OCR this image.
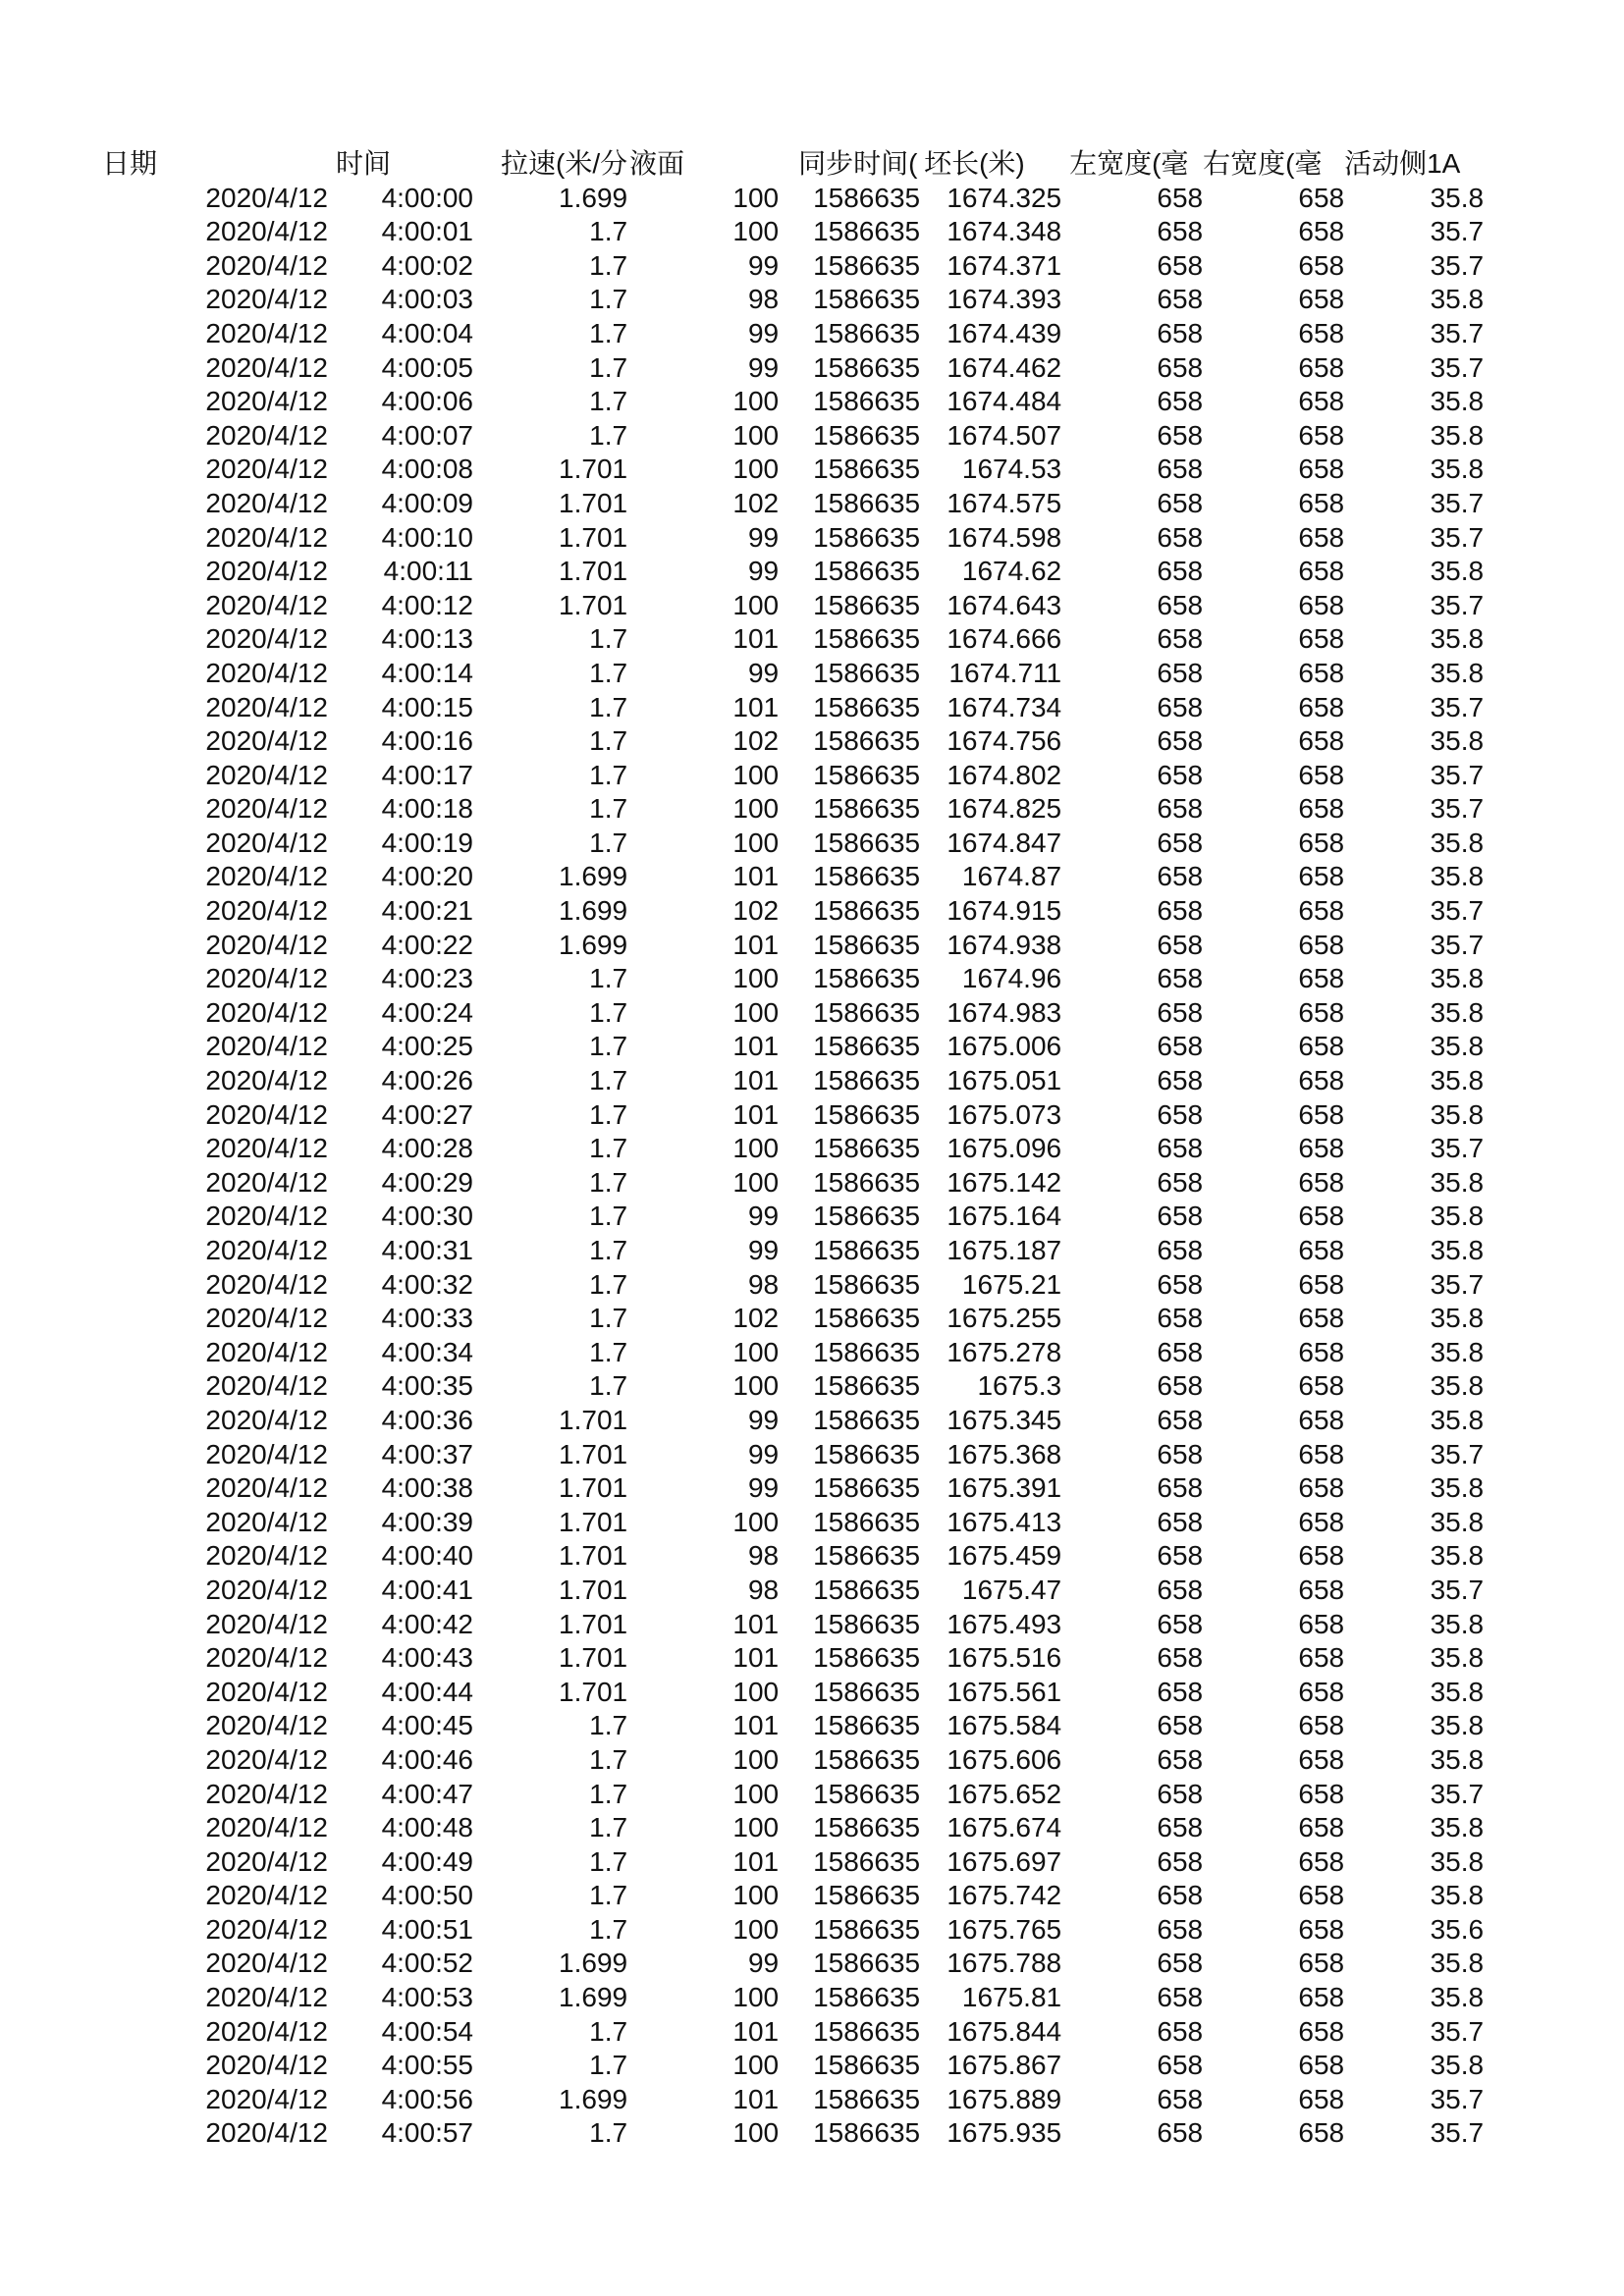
日期	时间	拉速(米/分	液面	同步时间(	坯长(米)	左宽度(毫	右宽度(毫	活动侧1A
2020/4/12	4:00:00	1.699	100	1586635	1674.325	658	658	35.8
2020/4/12	4:00:01	1.7	100	1586635	1674.348	658	658	35.7
2020/4/12	4:00:02	1.7	99	1586635	1674.371	658	658	35.7
2020/4/12	4:00:03	1.7	98	1586635	1674.393	658	658	35.8
2020/4/12	4:00:04	1.7	99	1586635	1674.439	658	658	35.7
2020/4/12	4:00:05	1.7	99	1586635	1674.462	658	658	35.7
2020/4/12	4:00:06	1.7	100	1586635	1674.484	658	658	35.8
2020/4/12	4:00:07	1.7	100	1586635	1674.507	658	658	35.8
2020/4/12	4:00:08	1.701	100	1586635	1674.53	658	658	35.8
2020/4/12	4:00:09	1.701	102	1586635	1674.575	658	658	35.7
2020/4/12	4:00:10	1.701	99	1586635	1674.598	658	658	35.7
2020/4/12	4:00:11	1.701	99	1586635	1674.62	658	658	35.8
2020/4/12	4:00:12	1.701	100	1586635	1674.643	658	658	35.7
2020/4/12	4:00:13	1.7	101	1586635	1674.666	658	658	35.8
2020/4/12	4:00:14	1.7	99	1586635	1674.711	658	658	35.8
2020/4/12	4:00:15	1.7	101	1586635	1674.734	658	658	35.7
2020/4/12	4:00:16	1.7	102	1586635	1674.756	658	658	35.8
2020/4/12	4:00:17	1.7	100	1586635	1674.802	658	658	35.7
2020/4/12	4:00:18	1.7	100	1586635	1674.825	658	658	35.7
2020/4/12	4:00:19	1.7	100	1586635	1674.847	658	658	35.8
2020/4/12	4:00:20	1.699	101	1586635	1674.87	658	658	35.8
2020/4/12	4:00:21	1.699	102	1586635	1674.915	658	658	35.7
2020/4/12	4:00:22	1.699	101	1586635	1674.938	658	658	35.7
2020/4/12	4:00:23	1.7	100	1586635	1674.96	658	658	35.8
2020/4/12	4:00:24	1.7	100	1586635	1674.983	658	658	35.8
2020/4/12	4:00:25	1.7	101	1586635	1675.006	658	658	35.8
2020/4/12	4:00:26	1.7	101	1586635	1675.051	658	658	35.8
2020/4/12	4:00:27	1.7	101	1586635	1675.073	658	658	35.8
2020/4/12	4:00:28	1.7	100	1586635	1675.096	658	658	35.7
2020/4/12	4:00:29	1.7	100	1586635	1675.142	658	658	35.8
2020/4/12	4:00:30	1.7	99	1586635	1675.164	658	658	35.8
2020/4/12	4:00:31	1.7	99	1586635	1675.187	658	658	35.8
2020/4/12	4:00:32	1.7	98	1586635	1675.21	658	658	35.7
2020/4/12	4:00:33	1.7	102	1586635	1675.255	658	658	35.8
2020/4/12	4:00:34	1.7	100	1586635	1675.278	658	658	35.8
2020/4/12	4:00:35	1.7	100	1586635	1675.3	658	658	35.8
2020/4/12	4:00:36	1.701	99	1586635	1675.345	658	658	35.8
2020/4/12	4:00:37	1.701	99	1586635	1675.368	658	658	35.7
2020/4/12	4:00:38	1.701	99	1586635	1675.391	658	658	35.8
2020/4/12	4:00:39	1.701	100	1586635	1675.413	658	658	35.8
2020/4/12	4:00:40	1.701	98	1586635	1675.459	658	658	35.8
2020/4/12	4:00:41	1.701	98	1586635	1675.47	658	658	35.7
2020/4/12	4:00:42	1.701	101	1586635	1675.493	658	658	35.8
2020/4/12	4:00:43	1.701	101	1586635	1675.516	658	658	35.8
2020/4/12	4:00:44	1.701	100	1586635	1675.561	658	658	35.8
2020/4/12	4:00:45	1.7	101	1586635	1675.584	658	658	35.8
2020/4/12	4:00:46	1.7	100	1586635	1675.606	658	658	35.8
2020/4/12	4:00:47	1.7	100	1586635	1675.652	658	658	35.7
2020/4/12	4:00:48	1.7	100	1586635	1675.674	658	658	35.8
2020/4/12	4:00:49	1.7	101	1586635	1675.697	658	658	35.8
2020/4/12	4:00:50	1.7	100	1586635	1675.742	658	658	35.8
2020/4/12	4:00:51	1.7	100	1586635	1675.765	658	658	35.6
2020/4/12	4:00:52	1.699	99	1586635	1675.788	658	658	35.8
2020/4/12	4:00:53	1.699	100	1586635	1675.81	658	658	35.8
2020/4/12	4:00:54	1.7	101	1586635	1675.844	658	658	35.7
2020/4/12	4:00:55	1.7	100	1586635	1675.867	658	658	35.8
2020/4/12	4:00:56	1.699	101	1586635	1675.889	658	658	35.7
2020/4/12	4:00:57	1.7	100	1586635	1675.935	658	658	35.7
